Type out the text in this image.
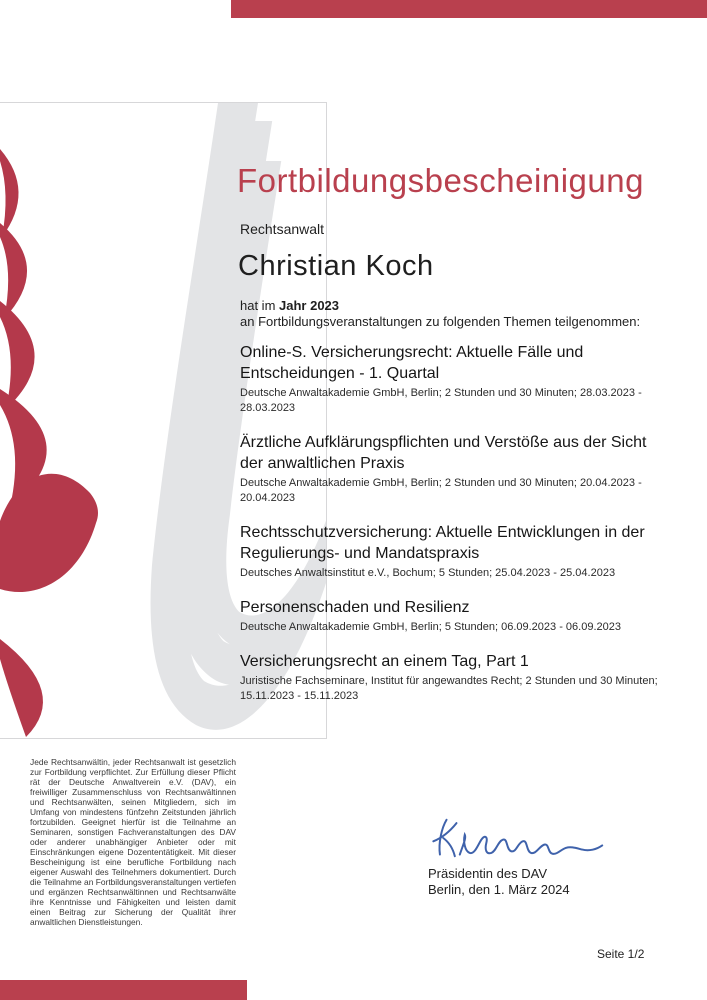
Fortbildungsbescheinigung
Rechtsanwalt
Christian Koch
hat im Jahr 2023
an Fortbildungsveranstaltungen zu folgenden Themen teilgenommen:
Online-S. Versicherungsrecht: Aktuelle Fälle und
Entscheidungen - 1. Quartal
Deutsche Anwaltakademie GmbH, Berlin; 2 Stunden und 30 Minuten; 28.03.2023 -
28.03.2023
Ärztliche Aufklärungspflichten und Verstöße aus der Sicht
der anwaltlichen Praxis
Deutsche Anwaltakademie GmbH, Berlin; 2 Stunden und 30 Minuten; 20.04.2023 -
20.04.2023
Rechtsschutzversicherung: Aktuelle Entwicklungen in der
Regulierungs- und Mandatspraxis
Deutsches Anwaltsinstitut e.V., Bochum; 5 Stunden; 25.04.2023 - 25.04.2023
Personenschaden und Resilienz
Deutsche Anwaltakademie GmbH, Berlin; 5 Stunden; 06.09.2023 - 06.09.2023
Versicherungsrecht an einem Tag, Part 1
Juristische Fachseminare, Institut für angewandtes Recht; 2 Stunden und 30 Minuten;
15.11.2023 - 15.11.2023
Jede Rechtsanwältin, jeder Rechtsanwalt ist gesetzlich zur Fortbildung verpflichtet. Zur Erfüllung dieser Pflicht rät der Deutsche Anwaltverein e.V. (DAV), ein freiwilliger Zusammenschluss von Rechtsanwältinnen und Rechtsanwälten, seinen Mitgliedern, sich im Umfang von mindestens fünfzehn Zeitstunden jährlich fortzubilden. Geeignet hierfür ist die Teilnahme an Seminaren, sonstigen Fachveranstaltungen des DAV oder anderer unabhängiger Anbieter oder mit Einschränkungen eigene Dozententätigkeit. Mit dieser Bescheinigung ist eine berufliche Fortbildung nach eigener Auswahl des Teilnehmers dokumentiert. Durch die Teilnahme an Fortbildungsveranstaltungen vertiefen und ergänzen Rechtsanwältinnen und Rechtsanwälte ihre Kenntnisse und Fähigkeiten und leisten damit einen Beitrag zur Sicherung der Qualität ihrer anwaltlichen Dienstleistungen.
Präsidentin des DAV
Berlin, den 1. März 2024
Seite 1/2
